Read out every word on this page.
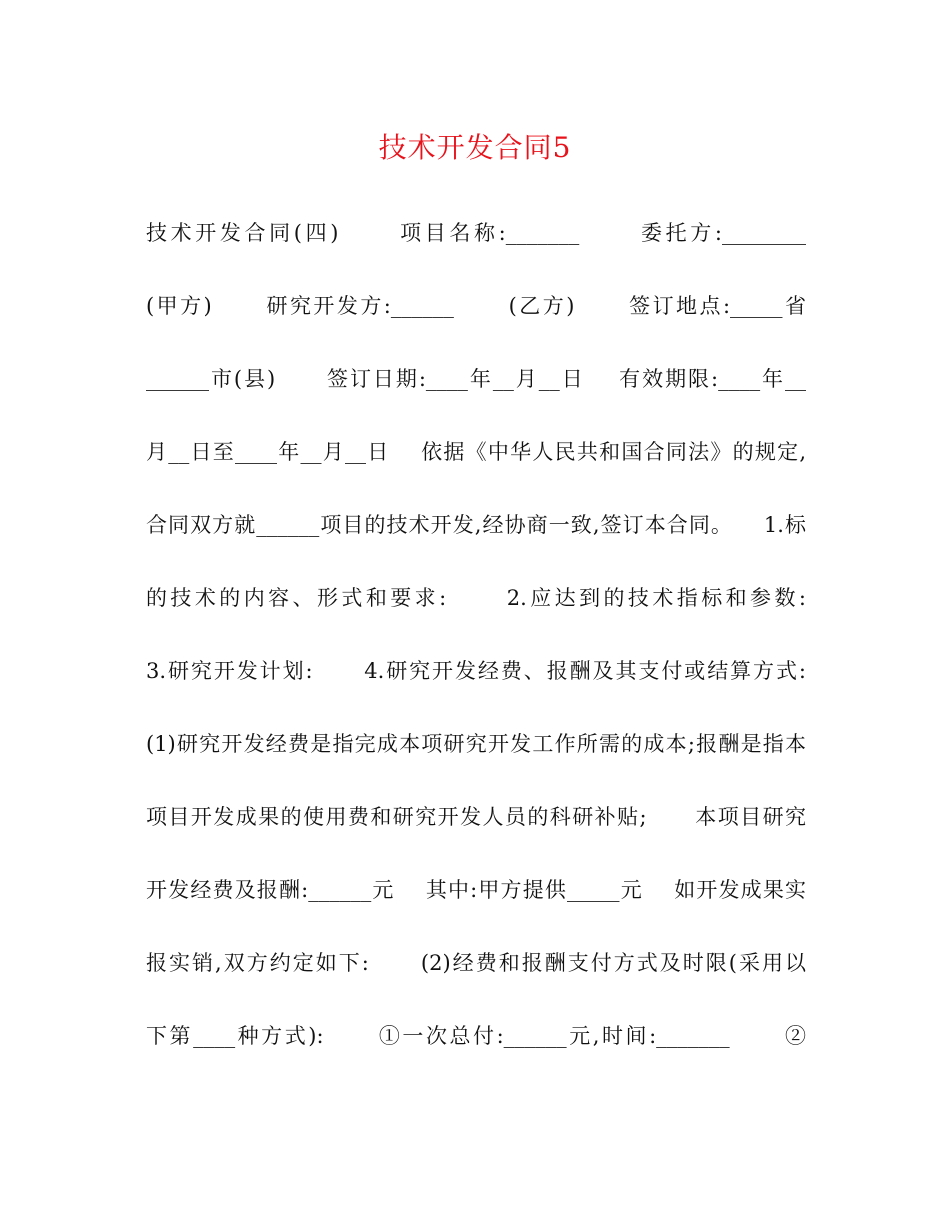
技术开发合同5
技术开发合同(四)      项目名称:_______      委托方:________
(甲方)      研究开发方:______      (乙方)      签订地点:_____省
______市(县)      签订日期:____年__月__日    有效期限:____年__
月__日至____年__月__日    依据《中华人民共和国合同法》的规定,
合同双方就______项目的技术开发,经协商一致,签订本合同。    1.标
的技术的内容、形式和要求:      2.应达到的技术指标和参数:
3.研究开发计划:      4.研究开发经费、报酬及其支付或结算方式:
(1)研究开发经费是指完成本项研究开发工作所需的成本;报酬是指本
项目开发成果的使用费和研究开发人员的科研补贴;      本项目研究
开发经费及报酬:______元    其中:甲方提供_____元    如开发成果实
报实销,双方约定如下:      (2)经费和报酬支付方式及时限(采用以
下第____种方式):      ①一次总付:______元,时间:_______      ②
